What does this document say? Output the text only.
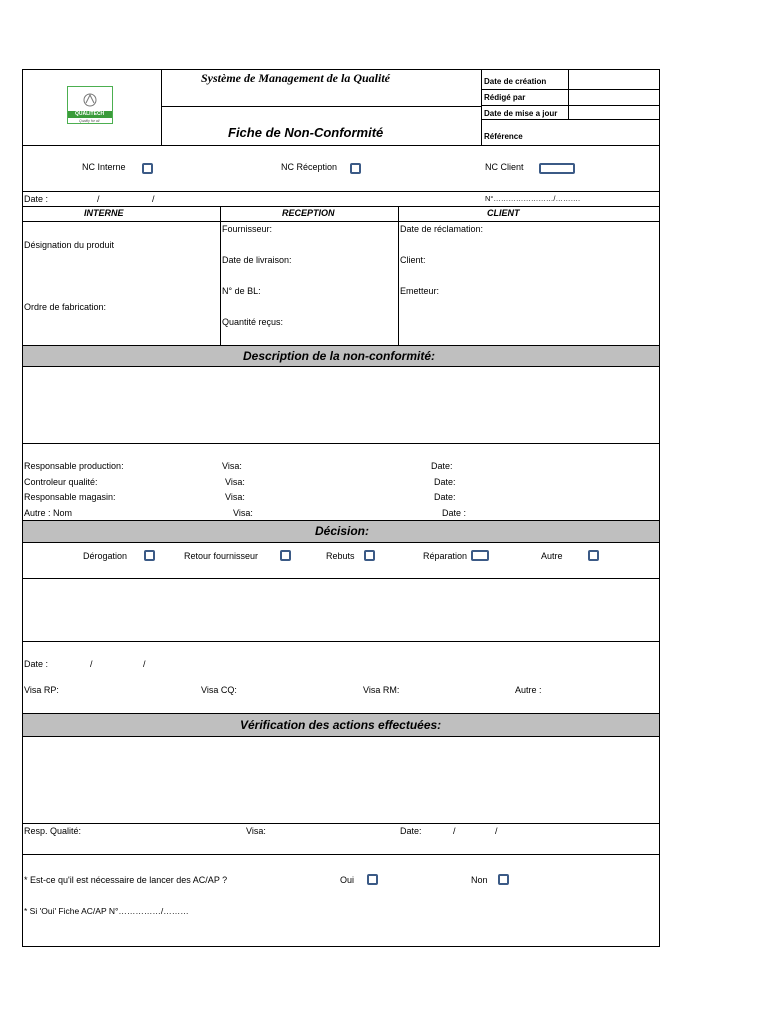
QUALITECH
Quality for all
Système de Management de la Qualité
Fiche de Non-Conformité
Date de création
Rédigé par
Date de mise a jour
Référence
NC Interne	NC Réception	NC Client
Date :	/	/	N°……………………/……….
INTERNE	RECEPTION	CLIENT
Désignation du produit
Ordre de fabrication:
Fournisseur:
Date de livraison:
N° de BL:
Quantité reçus:
Date de réclamation:
Client:
Emetteur:
Description de la non-conformité:
Responsable production:	Visa:	Date:
Controleur qualité:	Visa:	Date:
Responsable magasin:	Visa:	Date:
Autre : Nom	Visa:	Date :
Décision:
Dérogation	Retour fournisseur	Rebuts	Réparation	Autre
Date :	/	/
Visa RP:	Visa CQ:	Visa RM:	Autre :
Vérification des actions effectuées:
Resp. Qualité:	Visa:	Date:	/	/
* Est-ce qu'il est nécessaire de lancer des AC/AP ?	Oui	Non
* Si 'Oui' Fiche AC/AP N°……………/………
